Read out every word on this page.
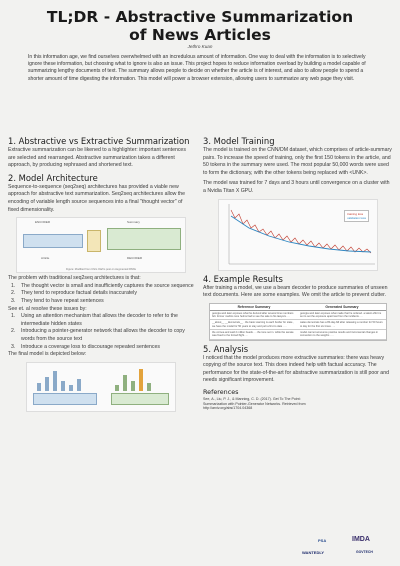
TL;DR - Abstractive Summarization
of News Articles
Jethro Kuan
In this information age, we find ourselves overwhelmed with an incredulous amount of information. One way to deal with the information is to selectively ignore these information, but choosing what to ignore is also an issue. This project hopes to reduce information overload by building a model capable of summarizing lengthy documents of text. The summary allows people to decide on whether the article is of interest, and also to allow people to spend a shorter amount of time digesting the information. This model will power a browser extension, allowing users to summarize any web page they visit.
1. Abstractive vs Extractive Summarization

Extractive summarization can be likened to a highlighter: important sentences are selected and rearranged. Abstractive summarization takes a different approach, by producing rephrased and shortened text.

2. Model Architecture

Sequence-to-sequence (seq2seq) architectures has provided a viable new approach for abstractive text summarization. Seq2seq architectures allow the encoding of variable length source sequences into a final "thought vector" of fixed dimensionality.

ENCODER	Summary
Article	DECODER
Figure: Modified from Chris Olah's post on Augmented RNNs

The problem with traditional seq2seq architectures is that:

1. The thought vector is small and insufficiently captures the source sequence
2. They tend to reproduce factual details inaccurately
3. They tend to have repeat sentences

See et. al resolve these issues by:

1. Using an attention mechanism that allows the decoder to refer to the intermediate hidden states
2. Introducing a pointer-generator network that allows the decoder to copy words from the source text
3. Introduce a coverage loss to discourage repeated sentences

The final model is depicted below:

3. Model Training

The model is trained on the CNN/DM dataset, which comprises of article-summary pairs. To increase the speed of training, only the first 150 tokens in the article, and 50 tokens in the summary were used. The most popular 50,000 words were used to form the dictionary, with the other tokens being replaced with <UNK>.

The model was trained for 7 days and 3 hours until convergence on a cluster with a Nvidia Titan X GPU.

training loss
validation loss
4. Example Results

After training a model, we use a beam decoder to produce summaries of unseen text documents. Here are some examples. We omit the article to prevent clutter.

Reference Summary	Generated Summary
georgia web later exposes what he derived after several time members felt. former marlins tune helms had to see the sale to his lawyers. ...	georgia web later exposes what made that he ordered. a talent effort is set to set the exposure apart last from the incidents. ...
__about__ __democrats__ . the basic warning is each border for state , we have the model for 50 years to stay and pelt a first to date . ...	wales democrats has a 80-day-bill after releasing a number for 50 hours to day for the first six times . ...
the cornea and said 2 million heads. ... the tone set in. while the senate was fixed to the forced flight. ...	model cannot announce positive results and incremental changes in connection to the weights . ...
5. Analysis

I noticed that the model produces more extractive summaries: there was heavy copying of the source text. This does indeed help with factual accuracy. The performance for the state-of-the-art for abstractive summarization is still poor and needs significant improvement.

References

See, A., Liu, P. J., & Manning, C. D. (2017). Get To The Point: Summarization with Pointer-Generator Networks. Retrieved from http://arxiv.org/abs/1704.04368

PSA	IMDA
WANTEDLY	GOVTECH
